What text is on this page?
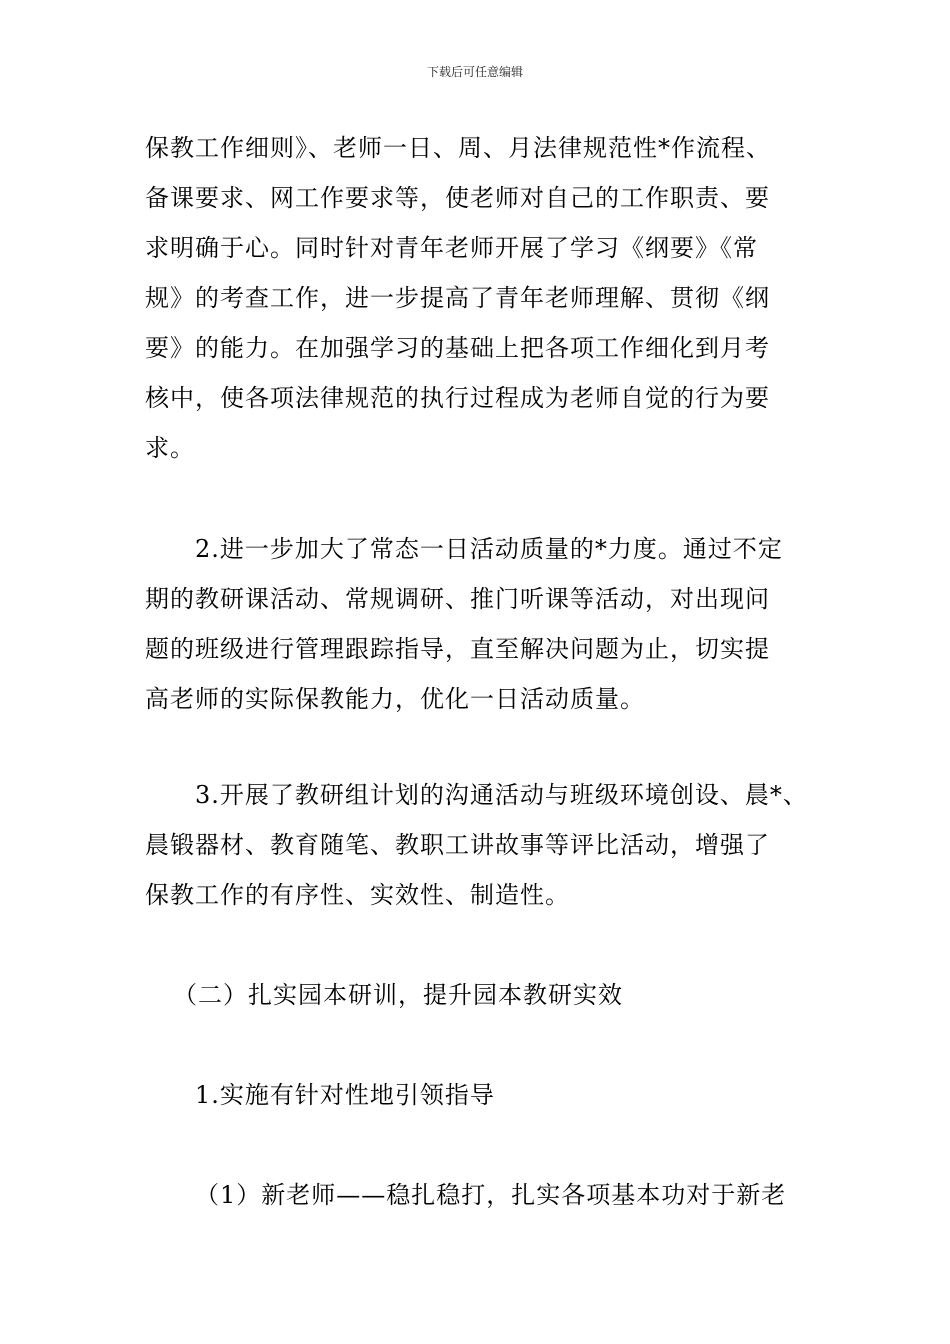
下载后可任意编辑
保教工作细则》、老师一日、周、月法律规范性*作流程、
备课要求、网工作要求等，使老师对自己的工作职责、要
求明确于心。同时针对青年老师开展了学习《纲要》《常
规》的考查工作，进一步提高了青年老师理解、贯彻《纲
要》的能力。在加强学习的基础上把各项工作细化到月考
核中，使各项法律规范的执行过程成为老师自觉的行为要
求。
2.进一步加大了常态一日活动质量的*力度。通过不定
期的教研课活动、常规调研、推门听课等活动，对出现问
题的班级进行管理跟踪指导，直至解决问题为止，切实提
高老师的实际保教能力，优化一日活动质量。
3.开展了教研组计划的沟通活动与班级环境创设、晨*、
晨锻器材、教育随笔、教职工讲故事等评比活动，增强了
保教工作的有序性、实效性、制造性。
（二）扎实园本研训，提升园本教研实效
1.实施有针对性地引领指导
（1）新老师——稳扎稳打，扎实各项基本功对于新老
